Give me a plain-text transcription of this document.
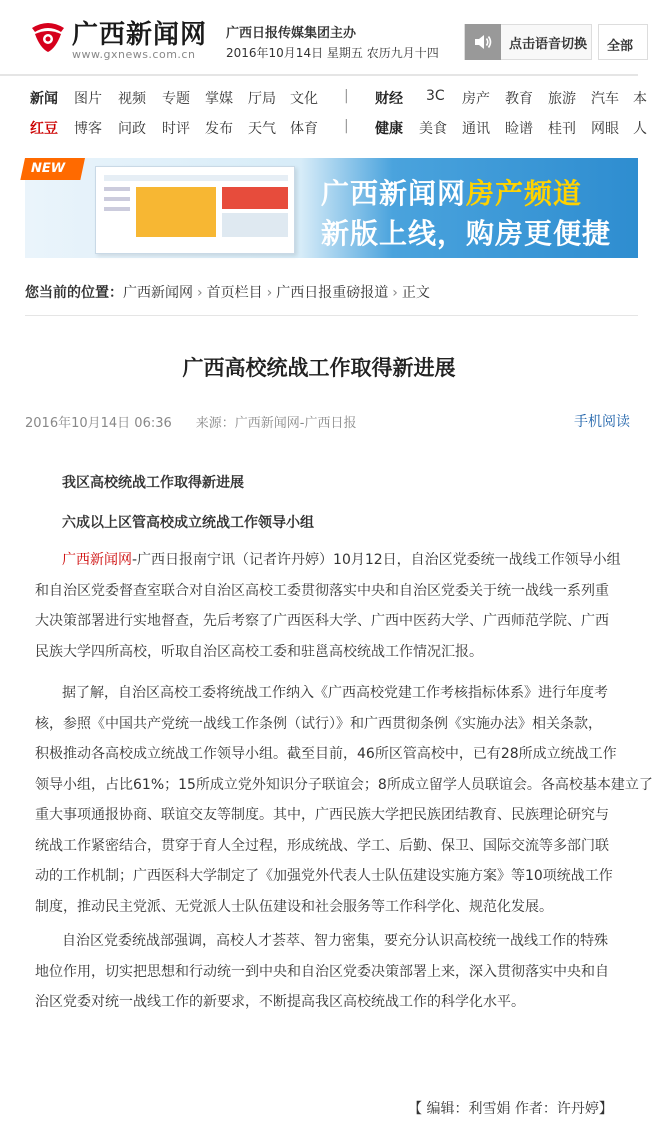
广西新闻网
www.gxnews.com.cn
广西日报传媒集团主办
2016年10月14日 星期五 农历九月十四
点击语音切换	全部
新闻 图片 视频 专题 掌媒 厅局 文化 | 财经 3C 房产 教育 旅游 汽车 本
红豆 博客 问政 时评 发布 天气 体育 | 健康 美食 通讯 睑谱 桂刊 网眼 人
NEW
广西新闻网房产频道
新版上线，购房更便捷
您当前的位置：广西新闻网 › 首页栏目 › 广西日报重磅报道 › 正文
广西高校统战工作取得新进展
2016年10月14日 06:36 来源：广西新闻网-广西日报	手机阅读
我区高校统战工作取得新进展
六成以上区管高校成立统战工作领导小组
广西新闻网-广西日报南宁讯（记者许丹婷）10月12日，自治区党委统一战线工作领导小组
和自治区党委督查室联合对自治区高校工委贯彻落实中央和自治区党委关于统一战线一系列重
大决策部署进行实地督查，先后考察了广西医科大学、广西中医药大学、广西师范学院、广西
民族大学四所高校，听取自治区高校工委和驻邕高校统战工作情况汇报。
据了解，自治区高校工委将统战工作纳入《广西高校党建工作考核指标体系》进行年度考
核，参照《中国共产党统一战线工作条例（试行）》和广西贯彻条例《实施办法》相关条款，
积极推动各高校成立统战工作领导小组。截至目前，46所区管高校中，已有28所成立统战工作
领导小组，占比61%；15所成立党外知识分子联谊会；8所成立留学人员联谊会。各高校基本建立了
重大事项通报协商、联谊交友等制度。其中，广西民族大学把民族团结教育、民族理论研究与
统战工作紧密结合，贯穿于育人全过程，形成统战、学工、后勤、保卫、国际交流等多部门联
动的工作机制；广西医科大学制定了《加强党外代表人士队伍建设实施方案》等10项统战工作
制度，推动民主党派、无党派人士队伍建设和社会服务等工作科学化、规范化发展。
自治区党委统战部强调，高校人才荟萃、智力密集，要充分认识高校统一战线工作的特殊
地位作用，切实把思想和行动统一到中央和自治区党委决策部署上来，深入贯彻落实中央和自
治区党委对统一战线工作的新要求，不断提高我区高校统战工作的科学化水平。
【 编辑：利雪娟 作者：许丹婷】
